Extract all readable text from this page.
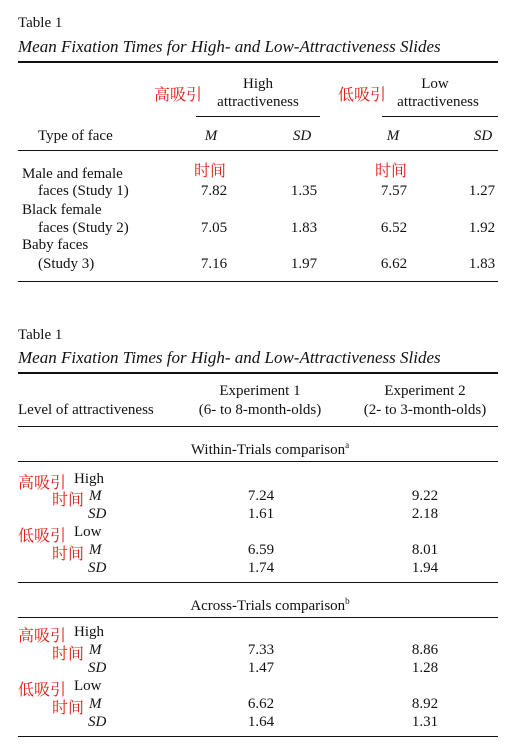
Table 1
Mean Fixation Times for High- and Low-Attractiveness Slides
高吸引
High
attractiveness	低吸引
Low
attractiveness
Type of face	M	SD	M	SD
时间	时间
Male and female
faces (Study 1)	7.82	1.35	7.57	1.27
Black female
faces (Study 2)	7.05	1.83	6.52	1.92
Baby faces
(Study 3)	7.16	1.97	6.62	1.83
Table 1
Mean Fixation Times for High- and Low-Attractiveness Slides
Experiment 1
(6- to 8-month-olds)
Experiment 2
(2- to 3-month-olds)
Level of attractiveness
Within-Trials comparison$^a$
高吸引 High
时间 M	7.24	9.22
SD	1.61	2.18
低吸引 Low
时间 M	6.59	8.01
SD	1.74	1.94
Across-Trials comparison$^b$
高吸引 High
时间 M	7.33	8.86
SD	1.47	1.28
低吸引 Low
时间 M	6.62	8.92
SD	1.64	1.31
